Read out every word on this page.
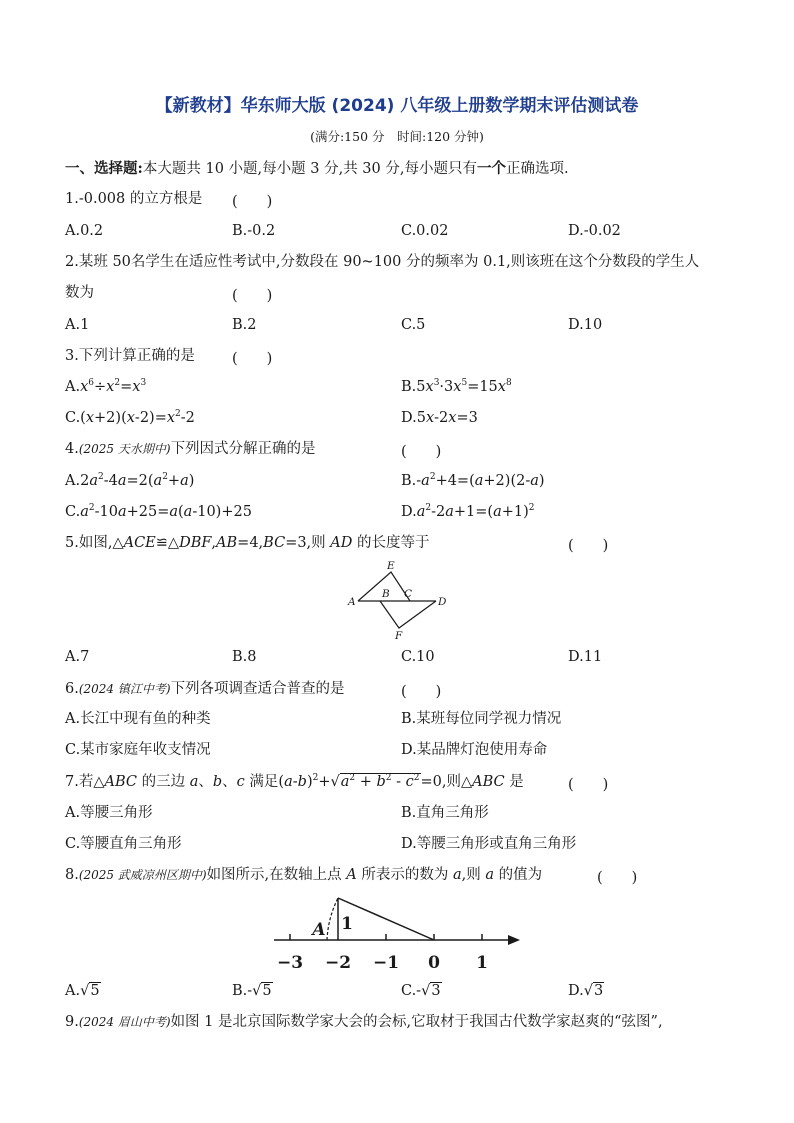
【新教材】华东师大版 (2024) 八年级上册数学期末评估测试卷
(满分:150 分　时间:120 分钟)
一、选择题:本大题共 10 小题,每小题 3 分,共 30 分,每小题只有一个正确选项.
1.-0.008 的立方根是 (　　)
A.0.2	B.-0.2	C.0.02	D.-0.02
2.某班 50名学生在适应性考试中,分数段在 90~100 分的频率为 0.1,则该班在这个分数段的学生人
数为	(　　)
A.1	B.2	C.5	D.10
3.下列计算正确的是	(　　)
$A.x^6\div x^2=x^3$	$B.5x^3\cdot 3x^5=15x^8$
$C.(x+2)(x-2)=x^2-2$	D.5x-2x=3
4.(2025 天水期中)下列因式分解正确的是	(　　)
$A.2a^2-4a=2(a^2+a)$	$B.-a^2+4=(a+2)(2-a)$
$C.a^2-10a+25=a(a-10)+25$	$D.a^2-2a+1=(a+1)^2$
5.如图,△ACE≌△DBF,AB=4,BC=3,则 AD 的长度等于	(　　)
A
B C
D
E
F
A.7	B.8	C.10	D.11
6.(2024 镇江中考)下列各项调查适合普查的是	(　　)
A.长江中现有鱼的种类	B.某班每位同学视力情况
C.某市家庭年收支情况	D.某品牌灯泡使用寿命
7.若△ABC 的三边 a、b、c 满足$(a-b)^2+√a^2 + b^2 - c^2=0$,则△ABC 是	(　　)
A.等腰三角形	B.直角三角形
C.等腰直角三角形	D.等腰三角形或直角三角形
8.(2025 武威凉州区期中)如图所示,在数轴上点 A 所表示的数为 a,则 a 的值为	(　　)
−3 −2 −1 0 1
A 1
A.√5	B.-√5	C.-√3	D.√3
9.(2024 眉山中考)如图 1 是北京国际数学家大会的会标,它取材于我国古代数学家赵爽的“弦图”,
